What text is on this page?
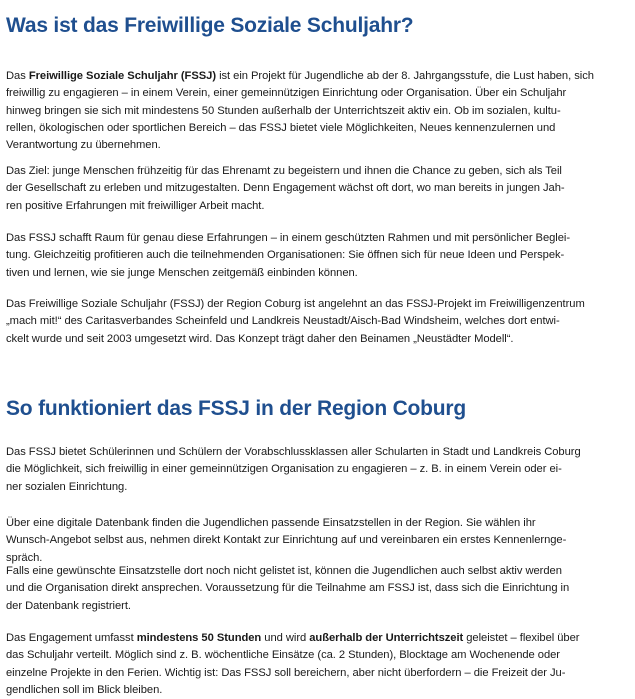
Was ist das Freiwillige Soziale Schuljahr?

Das Freiwillige Soziale Schuljahr (FSSJ) ist ein Projekt für Jugendliche ab der 8. Jahrgangsstufe, die Lust haben, sich
freiwillig zu engagieren – in einem Verein, einer gemeinnützigen Einrichtung oder Organisation. Über ein Schuljahr
hinweg bringen sie sich mit mindestens 50 Stunden außerhalb der Unterrichtszeit aktiv ein. Ob im sozialen, kultu-
rellen, ökologischen oder sportlichen Bereich – das FSSJ bietet viele Möglichkeiten, Neues kennenzulernen und
Verantwortung zu übernehmen.

Das Ziel: junge Menschen frühzeitig für das Ehrenamt zu begeistern und ihnen die Chance zu geben, sich als Teil
der Gesellschaft zu erleben und mitzugestalten. Denn Engagement wächst oft dort, wo man bereits in jungen Jah-
ren positive Erfahrungen mit freiwilliger Arbeit macht.

Das FSSJ schafft Raum für genau diese Erfahrungen – in einem geschützten Rahmen und mit persönlicher Beglei-
tung. Gleichzeitig profitieren auch die teilnehmenden Organisationen: Sie öffnen sich für neue Ideen und Perspek-
tiven und lernen, wie sie junge Menschen zeitgemäß einbinden können.

Das Freiwillige Soziale Schuljahr (FSSJ) der Region Coburg ist angelehnt an das FSSJ-Projekt im Freiwilligenzentrum
„mach mit!“ des Caritasverbandes Scheinfeld und Landkreis Neustadt/Aisch-Bad Windsheim, welches dort entwi-
ckelt wurde und seit 2003 umgesetzt wird. Das Konzept trägt daher den Beinamen „Neustädter Modell“.

So funktioniert das FSSJ in der Region Coburg

Das FSSJ bietet Schülerinnen und Schülern der Vorabschlussklassen aller Schularten in Stadt und Landkreis Coburg
die Möglichkeit, sich freiwillig in einer gemeinnützigen Organisation zu engagieren – z. B. in einem Verein oder ei-
ner sozialen Einrichtung.

Über eine digitale Datenbank finden die Jugendlichen passende Einsatzstellen in der Region. Sie wählen ihr
Wunsch-Angebot selbst aus, nehmen direkt Kontakt zur Einrichtung auf und vereinbaren ein erstes Kennenlernge-
spräch.

Falls eine gewünschte Einsatzstelle dort noch nicht gelistet ist, können die Jugendlichen auch selbst aktiv werden
und die Organisation direkt ansprechen. Voraussetzung für die Teilnahme am FSSJ ist, dass sich die Einrichtung in
der Datenbank registriert.

Das Engagement umfasst mindestens 50 Stunden und wird außerhalb der Unterrichtszeit geleistet – flexibel über
das Schuljahr verteilt. Möglich sind z. B. wöchentliche Einsätze (ca. 2 Stunden), Blocktage am Wochenende oder
einzelne Projekte in den Ferien. Wichtig ist: Das FSSJ soll bereichern, aber nicht überfordern – die Freizeit der Ju-
gendlichen soll im Blick bleiben.
